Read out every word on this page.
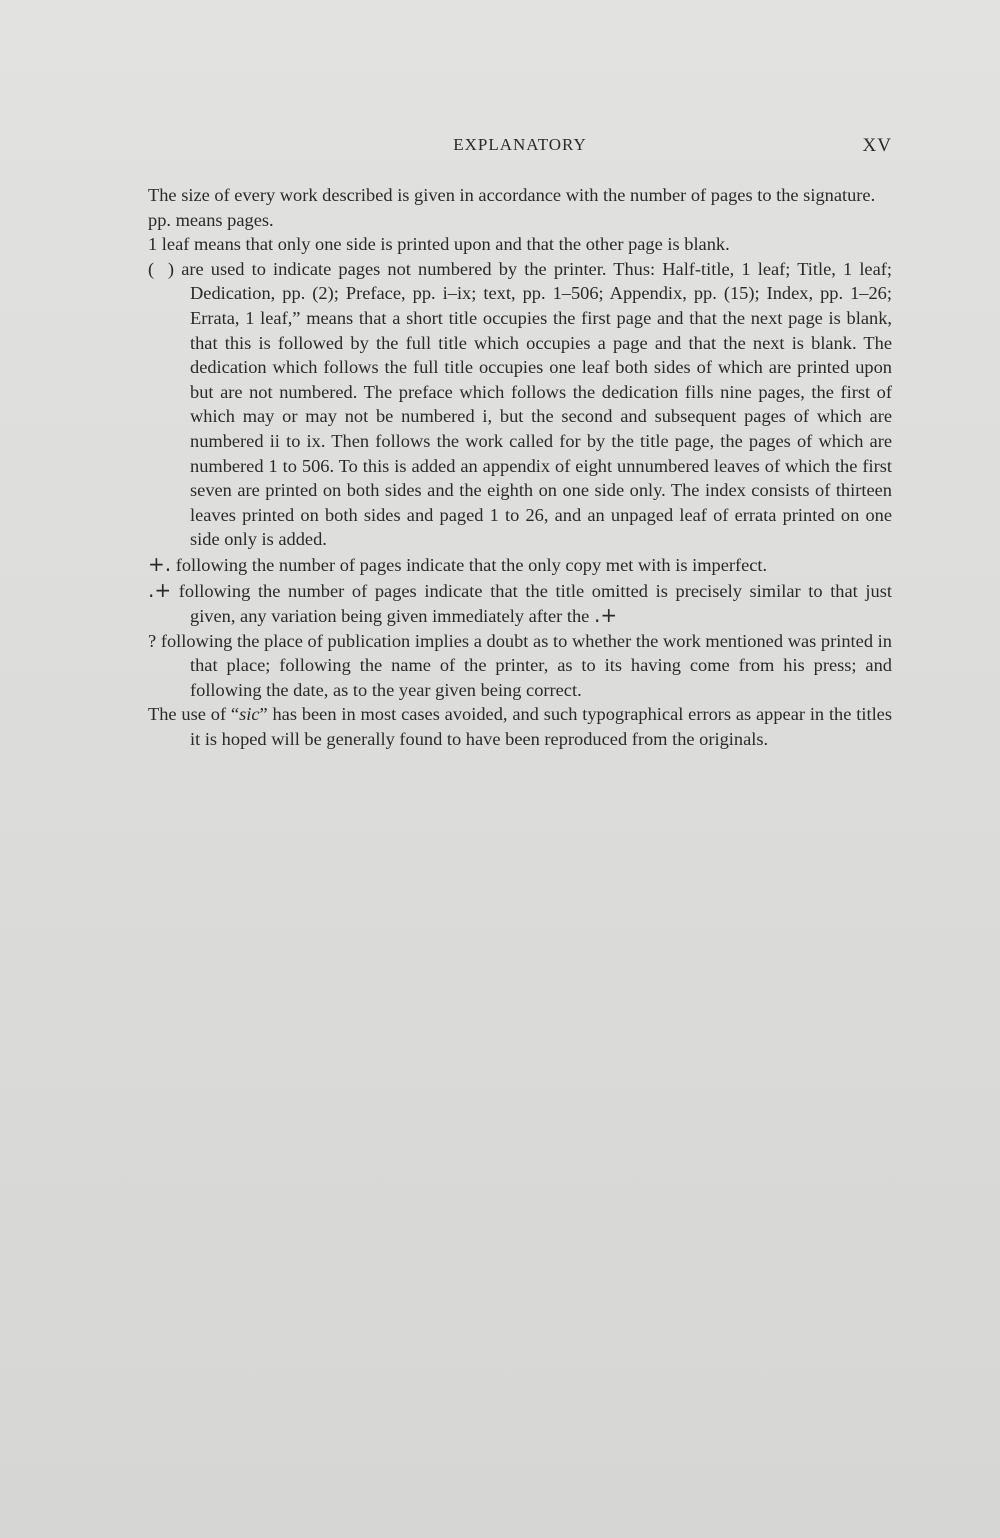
EXPLANATORY	XV

The size of every work described is given in accordance with the number of pages to the signature.

pp. means pages.

1 leaf means that only one side is printed upon and that the other page is blank.

(   ) are used to indicate pages not numbered by the printer. Thus: Half-title, 1 leaf; Title, 1 leaf; Dedication, pp. (2); Preface, pp. i–ix; text, pp. 1–506; Appendix, pp. (15); Index, pp. 1–26; Errata, 1 leaf,” means that a short title occupies the first page and that the next page is blank, that this is followed by the full title which occupies a page and that the next is blank. The dedication which follows the full title occupies one leaf both sides of which are printed upon but are not numbered. The preface which follows the dedication fills nine pages, the first of which may or may not be numbered i, but the second and subsequent pages of which are numbered ii to ix. Then follows the work called for by the title page, the pages of which are numbered 1 to 506. To this is added an appendix of eight unnumbered leaves of which the first seven are printed on both sides and the eighth on one side only. The index consists of thirteen leaves printed on both sides and paged 1 to 26, and an unpaged leaf of errata printed on one side only is added.

+. following the number of pages indicate that the only copy met with is imperfect.

.+ following the number of pages indicate that the title omitted is precisely similar to that just given, any variation being given immediately after the .+

? following the place of publication implies a doubt as to whether the work mentioned was printed in that place; following the name of the printer, as to its having come from his press; and following the date, as to the year given being correct.

The use of “sic” has been in most cases avoided, and such typographical errors as appear in the titles it is hoped will be generally found to have been reproduced from the originals.
